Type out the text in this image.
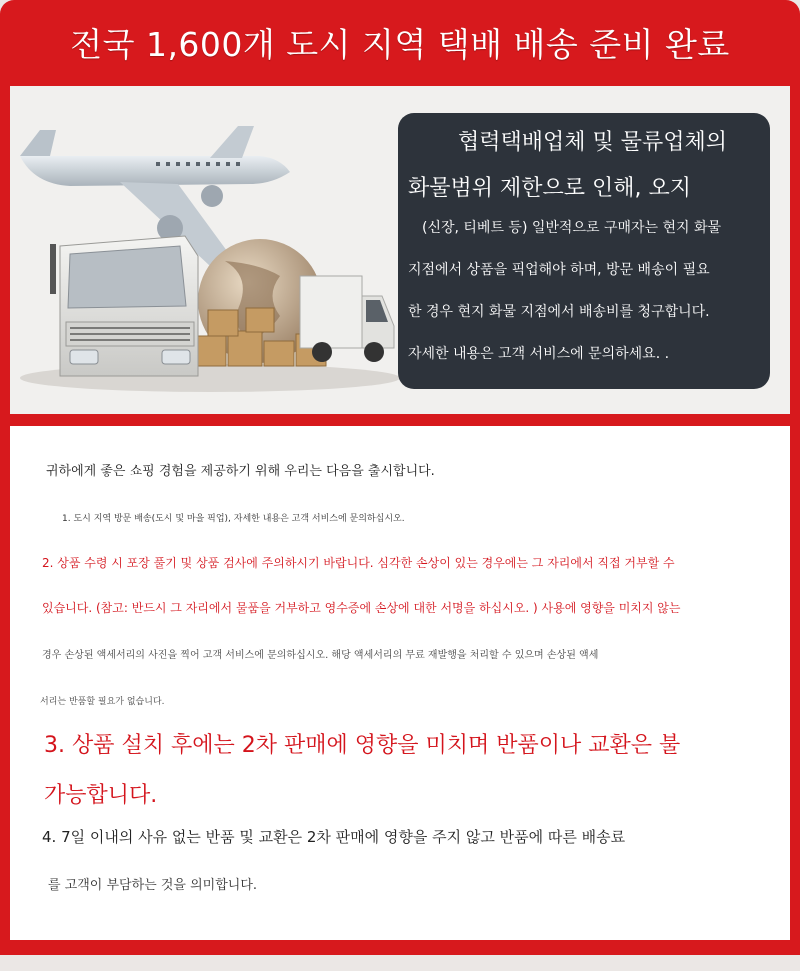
전국 1,600개 도시 지역 택배 배송 준비 완료
협력택배업체 및 물류업체의
화물범위 제한으로 인해, 오지
(신장, 티베트 등) 일반적으로 구매자는 현지 화물
지점에서 상품을 픽업해야 하며, 방문 배송이 필요
한 경우 현지 화물 지점에서 배송비를 청구합니다.
자세한 내용은 고객 서비스에 문의하세요. .
귀하에게 좋은 쇼핑 경험을 제공하기 위해 우리는 다음을 출시합니다.
1. 도시 지역 방문 배송(도시 및 마을 픽업), 자세한 내용은 고객 서비스에 문의하십시오.
2. 상품 수령 시 포장 풀기 및 상품 검사에 주의하시기 바랍니다. 심각한 손상이 있는 경우에는 그 자리에서 직접 거부할 수
있습니다. (참고: 반드시 그 자리에서 물품을 거부하고 영수증에 손상에 대한 서명을 하십시오. ) 사용에 영향을 미치지 않는
경우 손상된 액세서리의 사진을 찍어 고객 서비스에 문의하십시오. 해당 액세서리의 무료 재발행을 처리할 수 있으며 손상된 액세
서리는 반품할 필요가 없습니다.
3. 상품 설치 후에는 2차 판매에 영향을 미치며 반품이나 교환은 불
가능합니다.
4. 7일 이내의 사유 없는 반품 및 교환은 2차 판매에 영향을 주지 않고 반품에 따른 배송료
를 고객이 부담하는 것을 의미합니다.
